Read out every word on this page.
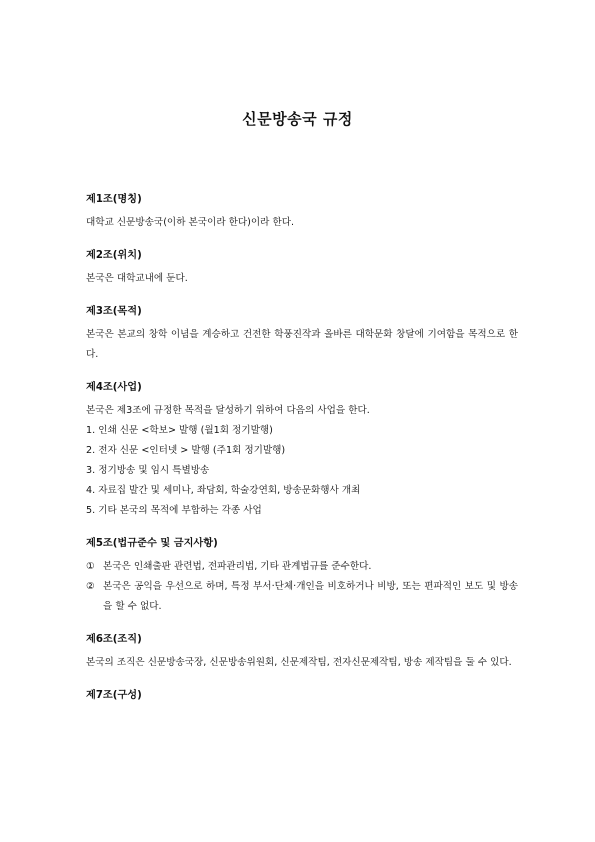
신문방송국 규정
제1조(명칭)
대학교 신문방송국(이하 본국이라 한다)이라 한다.
제2조(위치)
본국은 대학교내에 둔다.
제3조(목적)
본국은 본교의 창학 이념을 계승하고 건전한 학풍진작과 올바른 대학문화 창달에 기여함을 목적으로 한다.
제4조(사업)
본국은 제3조에 규정한 목적을 달성하기 위하여 다음의 사업을 한다.
1. 인쇄 신문 <학보> 발행 (월1회 정기발행)
2. 전자 신문 <인터넷 > 발행 (주1회 정기발행)
3. 정기방송 및 임시 특별방송
4. 자료집 발간 및 세미나, 좌담회, 학술강연회, 방송문화행사 개최
5. 기타 본국의 목적에 부합하는 각종 사업
제5조(법규준수 및 금지사항)
① 본국은 인쇄출판 관련법, 전파관리법, 기타 관계법규를 준수한다.
② 본국은 공익을 우선으로 하며, 특정 부서·단체·개인을 비호하거나 비방, 또는 편파적인 보도 및 방송을 할 수 없다.
제6조(조직)
본국의 조직은 신문방송국장, 신문방송위원회, 신문제작팀, 전자신문제작팀, 방송 제작팀을 둘 수 있다.
제7조(구성)
